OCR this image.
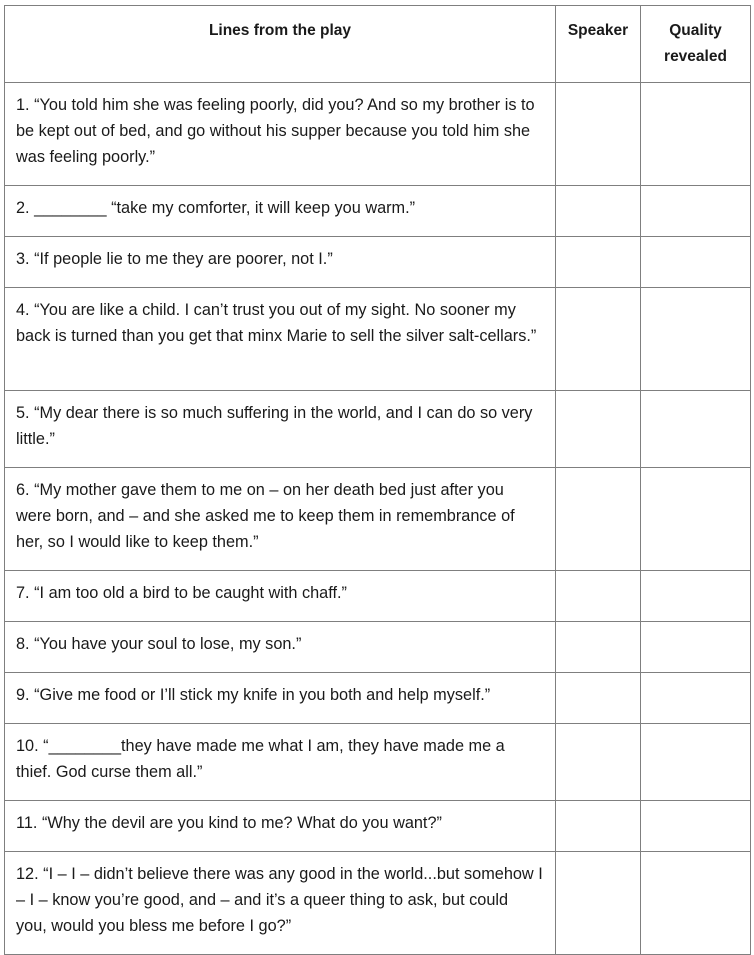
Lines from the play	Speaker	Quality revealed
1. “You told him she was feeling poorly, did you? And so my brother is to be kept out of bed, and go without his supper because you told him she was feeling poorly.”		
2. ________ “take my comforter, it will keep you warm.”		
3. “If people lie to me they are poorer, not I.”		
4. “You are like a child. I can’t trust you out of my sight. No sooner my back is turned than you get that minx Marie to sell the silver salt-cellars.”		
5. “My dear there is so much suffering in the world, and I can do so very little.”		
6. “My mother gave them to me on – on her death bed just after you were born, and – and she asked me to keep them in remembrance of her, so I would like to keep them.”		
7. “I am too old a bird to be caught with chaff.”		
8. “You have your soul to lose, my son.”		
9. “Give me food or I’ll stick my knife in you both and help myself.”		
10. “________they have made me what I am, they have made me a thief. God curse them all.”		
11. “Why the devil are you kind to me? What do you want?”		
12. “I – I – didn’t believe there was any good in the world...but somehow I – I – know you’re good, and – and it’s a queer thing to ask, but could you, would you bless me before I go?”		
